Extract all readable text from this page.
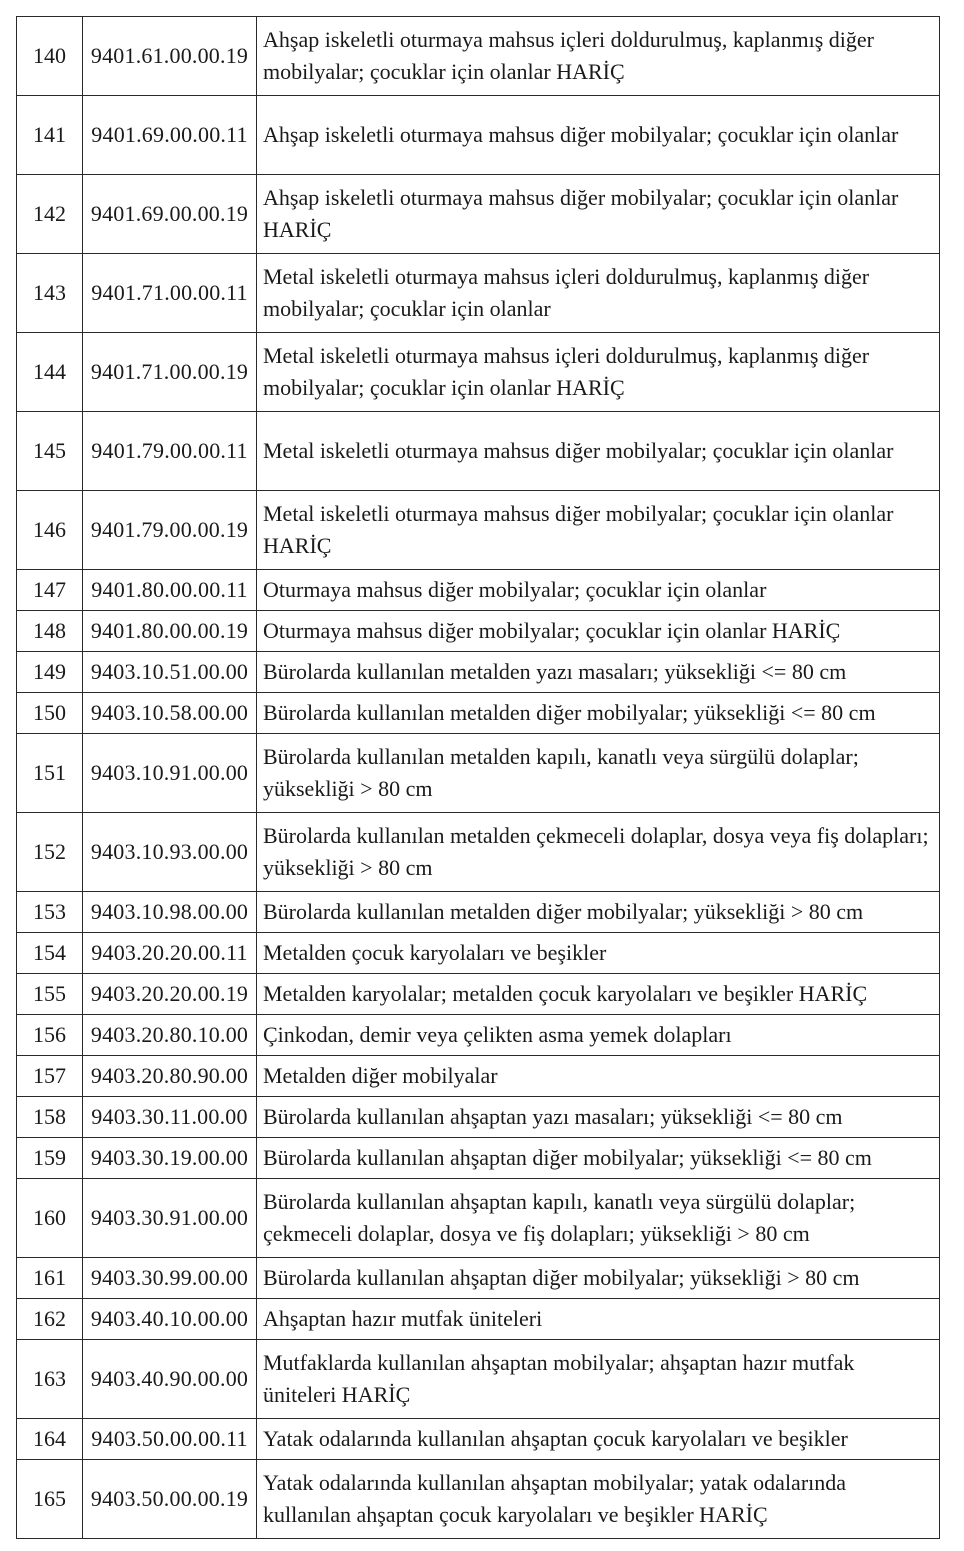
140	9401.61.00.00.19	Ahşap iskeletli oturmaya mahsus içleri doldurulmuş, kaplanmış diğer mobilyalar; çocuklar için olanlar HARİÇ
141	9401.69.00.00.11	Ahşap iskeletli oturmaya mahsus diğer mobilyalar; çocuklar için olanlar
142	9401.69.00.00.19	Ahşap iskeletli oturmaya mahsus diğer mobilyalar; çocuklar için olanlar HARİÇ
143	9401.71.00.00.11	Metal iskeletli oturmaya mahsus içleri doldurulmuş, kaplanmış diğer mobilyalar; çocuklar için olanlar
144	9401.71.00.00.19	Metal iskeletli oturmaya mahsus içleri doldurulmuş, kaplanmış diğer mobilyalar; çocuklar için olanlar HARİÇ
145	9401.79.00.00.11	Metal iskeletli oturmaya mahsus diğer mobilyalar; çocuklar için olanlar
146	9401.79.00.00.19	Metal iskeletli oturmaya mahsus diğer mobilyalar; çocuklar için olanlar HARİÇ
147	9401.80.00.00.11	Oturmaya mahsus diğer mobilyalar; çocuklar için olanlar
148	9401.80.00.00.19	Oturmaya mahsus diğer mobilyalar; çocuklar için olanlar HARİÇ
149	9403.10.51.00.00	Bürolarda kullanılan metalden yazı masaları; yüksekliği <= 80 cm
150	9403.10.58.00.00	Bürolarda kullanılan metalden diğer mobilyalar; yüksekliği <= 80 cm
151	9403.10.91.00.00	Bürolarda kullanılan metalden kapılı, kanatlı veya sürgülü dolaplar; yüksekliği > 80 cm
152	9403.10.93.00.00	Bürolarda kullanılan metalden çekmeceli dolaplar, dosya veya fiş dolapları; yüksekliği > 80 cm
153	9403.10.98.00.00	Bürolarda kullanılan metalden diğer mobilyalar; yüksekliği > 80 cm
154	9403.20.20.00.11	Metalden çocuk karyolaları ve beşikler
155	9403.20.20.00.19	Metalden karyolalar; metalden çocuk karyolaları ve beşikler HARİÇ
156	9403.20.80.10.00	Çinkodan, demir veya çelikten asma yemek dolapları
157	9403.20.80.90.00	Metalden diğer mobilyalar
158	9403.30.11.00.00	Bürolarda kullanılan ahşaptan yazı masaları; yüksekliği <= 80 cm
159	9403.30.19.00.00	Bürolarda kullanılan ahşaptan diğer mobilyalar; yüksekliği <= 80 cm
160	9403.30.91.00.00	Bürolarda kullanılan ahşaptan kapılı, kanatlı veya sürgülü dolaplar; çekmeceli dolaplar, dosya ve fiş dolapları; yüksekliği > 80 cm
161	9403.30.99.00.00	Bürolarda kullanılan ahşaptan diğer mobilyalar; yüksekliği > 80 cm
162	9403.40.10.00.00	Ahşaptan hazır mutfak üniteleri
163	9403.40.90.00.00	Mutfaklarda kullanılan ahşaptan mobilyalar; ahşaptan hazır mutfak üniteleri HARİÇ
164	9403.50.00.00.11	Yatak odalarında kullanılan ahşaptan çocuk karyolaları ve beşikler
165	9403.50.00.00.19	Yatak odalarında kullanılan ahşaptan mobilyalar; yatak odalarında kullanılan ahşaptan çocuk karyolaları ve beşikler HARİÇ
